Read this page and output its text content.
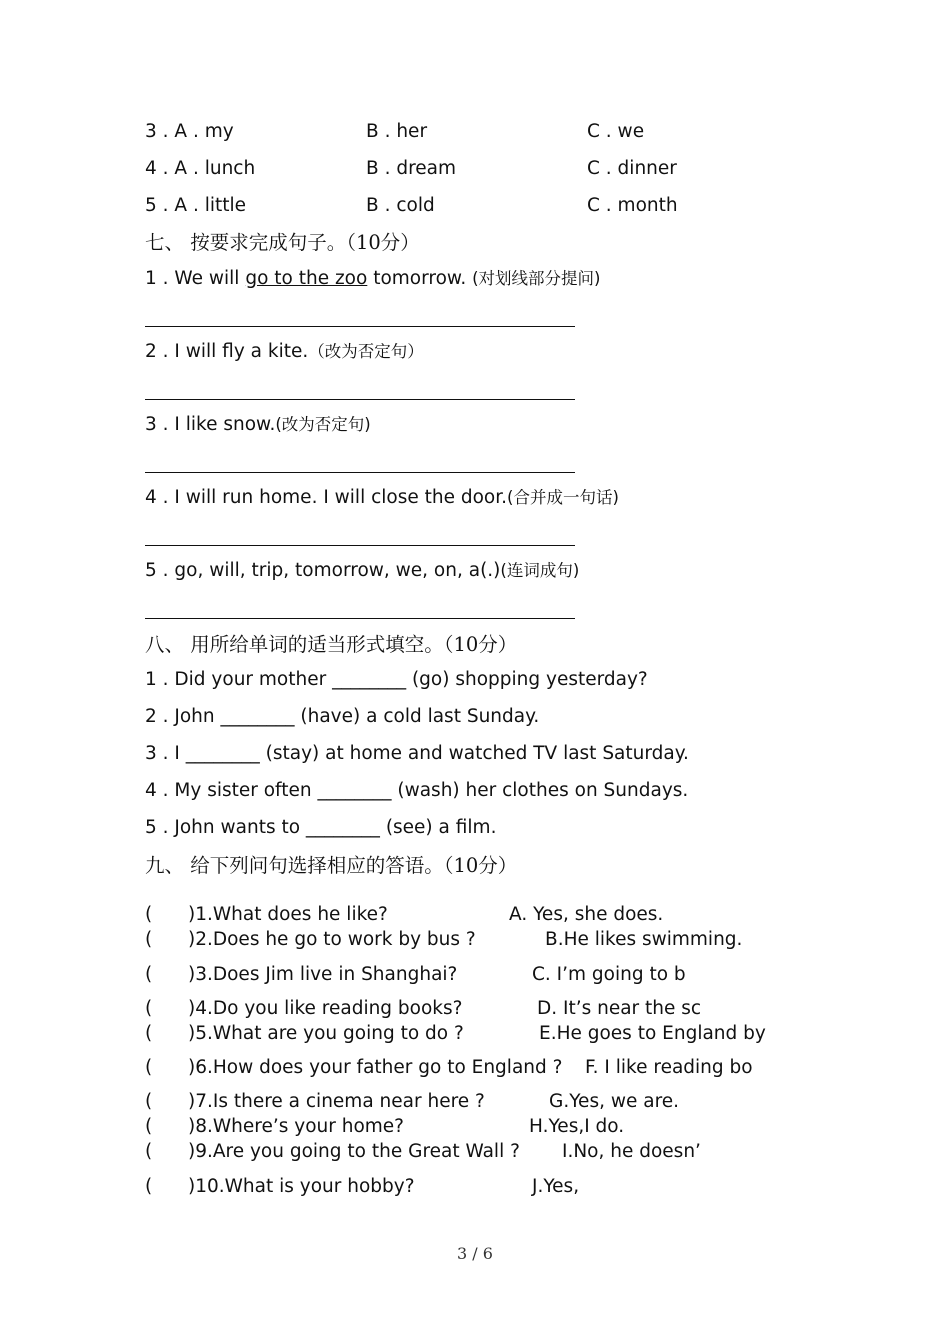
3 . A . my	B . her	C . we
4 . A . lunch	B . dream	C . dinner
5 . A . little	B . cold	C . month
七、 按要求完成句子。（10分）
1 . We will go to the zoo tomorrow. (对划线部分提问)
2 . I will fly a kite.（改为否定句）
3 . I like snow.(改为否定句)
4 . I will run home. I will close the door.(合并成一句话)
5 . go, will, trip, tomorrow, we, on, a(.)(连词成句)
八、 用所给单词的适当形式填空。（10分）
1 . Did your mother ________ (go) shopping yesterday?
2 . John ________ (have) a cold last Sunday.
3 . I ________ (stay) at home and watched TV last Saturday.
4 . My sister often ________ (wash) her clothes on Sundays.
5 . John wants to ________ (see) a film.
九、 给下列问句选择相应的答语。（10分）
( )1.What does he like?	A. Yes, she does.
( )2.Does he go to work by bus ?	B.He likes swimming.
( )3.Does Jim live in Shanghai?	C. I’m going to b
( )4.Do you like reading books?	D. It’s near the sc
( )5.What are you going to do ?	E.He goes to England by
( )6.How does your father go to England ? F. I like reading bo
( )7.Is there a cinema near here ?	G.Yes, we are.
( )8.Where’s your home?	H.Yes,I do.
( )9.Are you going to the Great Wall ? I.No, he doesn’
( )10.What is your hobby?	J.Yes,
3 / 6
